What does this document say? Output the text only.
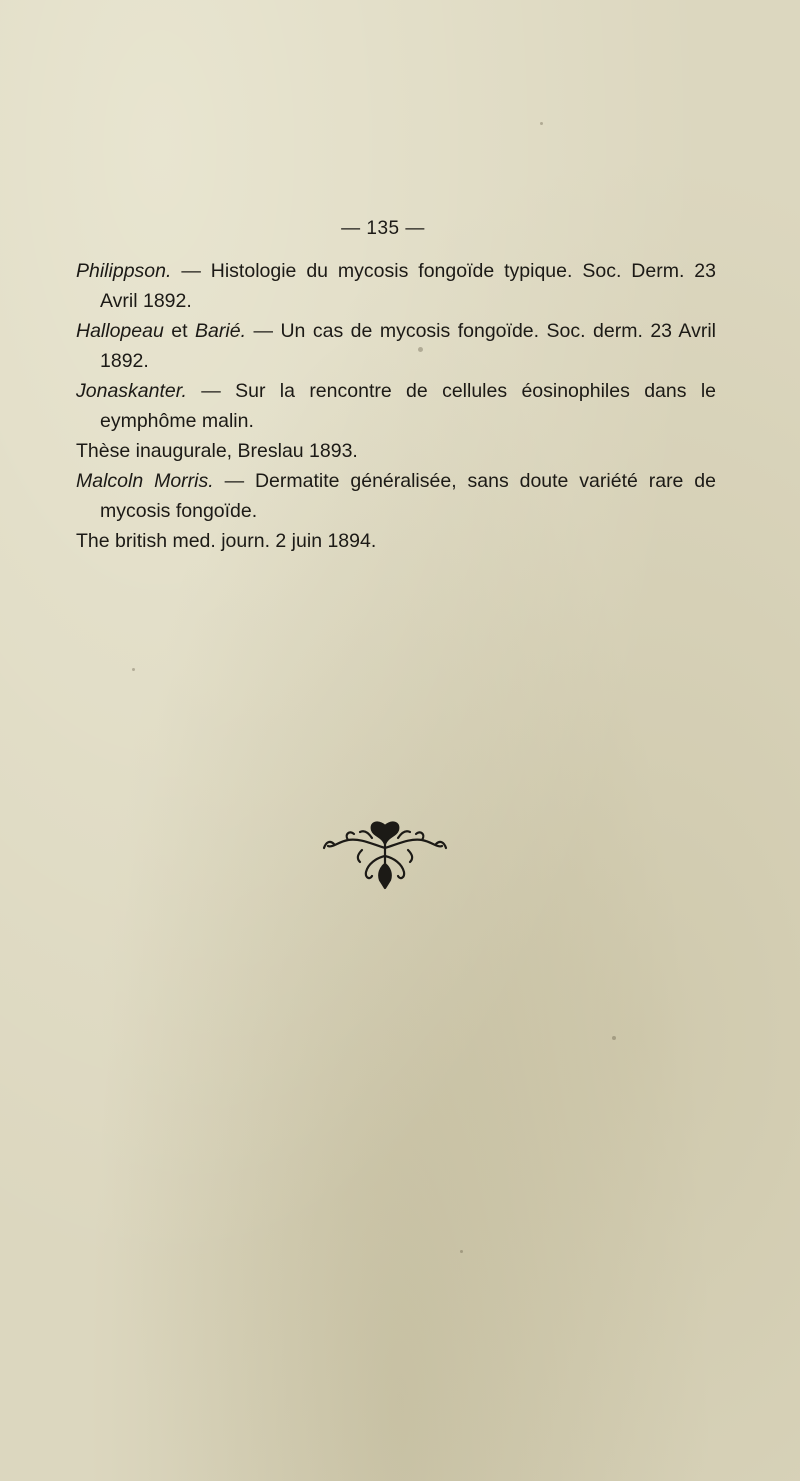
— 135 —

Philippson. — Histologie du mycosis fongoïde typique. Soc. Derm. 23 Avril 1892.

Hallopeau et Barié. — Un cas de mycosis fongoïde. Soc. derm. 23 Avril 1892.

Jonaskanter. — Sur la rencontre de cellules éosinophiles dans le eymphôme malin.
Thèse inaugurale, Breslau 1893.

Malcoln Morris. — Dermatite généralisée, sans doute variété rare de mycosis fongoïde.
The british med. journ. 2 juin 1894.
